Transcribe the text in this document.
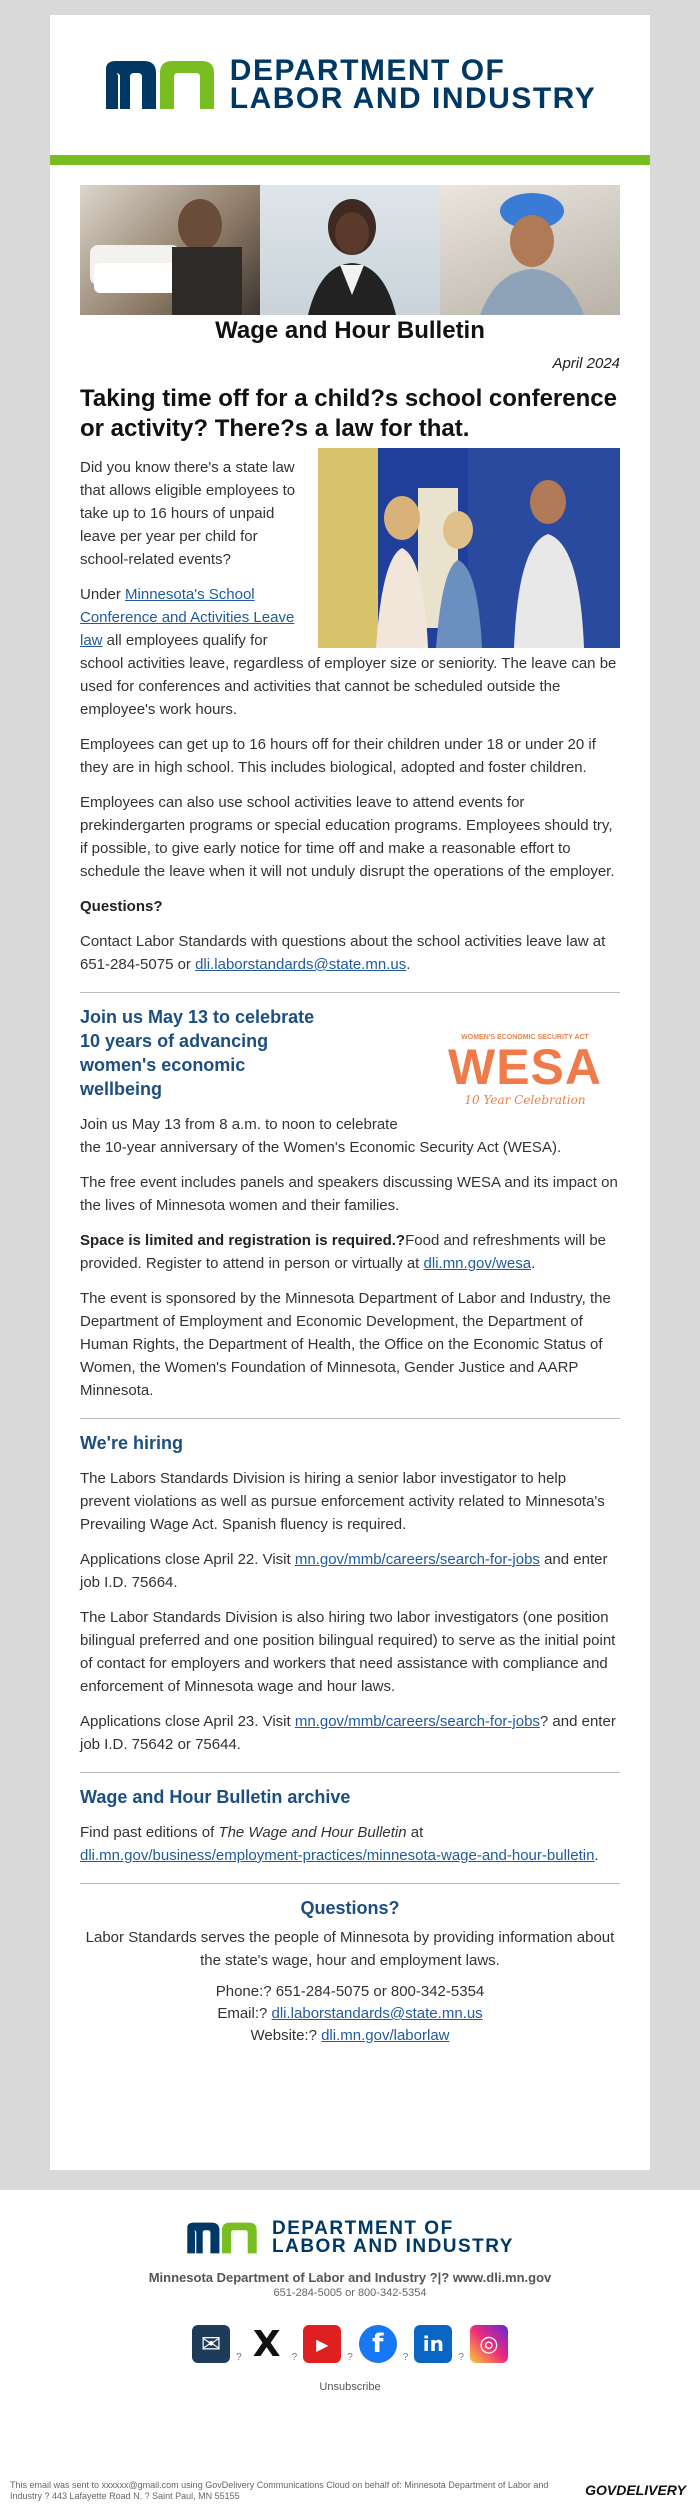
DEPARTMENT OF
LABOR AND INDUSTRY
Wage and Hour Bulletin
April 2024
Taking time off for a child?s school conference or activity? There?s a law for that.

Did you know there's a state law that allows eligible employees to take up to 16 hours of unpaid leave per year per child for school-related events?

Under Minnesota's School Conference and Activities Leave law all employees qualify for school activities leave, regardless of employer size or seniority. The leave can be used for conferences and activities that cannot be scheduled outside the employee's work hours.

Employees can get up to 16 hours off for their children under 18 or under 20 if they are in high school. This includes biological, adopted and foster children.

Employees can also use school activities leave to attend events for prekindergarten programs or special education programs. Employees should try, if possible, to give early notice for time off and make a reasonable effort to schedule the leave when it will not unduly disrupt the operations of the employer.

Questions?

Contact Labor Standards with questions about the school activities leave law at 651-284-5075 or dli.laborstandards@state.mn.us.

WOMEN'S ECONOMIC SECURITY ACT
WESA
10 Year Celebration
Join us May 13 to celebrate 10 years of advancing women's economic wellbeing

Join us May 13 from 8 a.m. to noon to celebrate the 10-year anniversary of the Women's Economic Security Act (WESA).

The free event includes panels and speakers discussing WESA and its impact on the lives of Minnesota women and their families.

Space is limited and registration is required.?Food and refreshments will be provided. Register to attend in person or virtually at dli.mn.gov/wesa.

The event is sponsored by the Minnesota Department of Labor and Industry, the Department of Employment and Economic Development, the Department of Human Rights, the Department of Health, the Office on the Economic Status of Women, the Women's Foundation of Minnesota, Gender Justice and AARP Minnesota.

We're hiring

The Labors Standards Division is hiring a senior labor investigator to help prevent violations as well as pursue enforcement activity related to Minnesota's Prevailing Wage Act. Spanish fluency is required.

Applications close April 22. Visit mn.gov/mmb/careers/search-for-jobs and enter job I.D. 75664.

The Labor Standards Division is also hiring two labor investigators (one position bilingual preferred and one position bilingual required) to serve as the initial point of contact for employers and workers that need assistance with compliance and enforcement of Minnesota wage and hour laws.

Applications close April 23. Visit mn.gov/mmb/careers/search-for-jobs? and enter job I.D. 75642 or 75644.

Wage and Hour Bulletin archive

Find past editions of The Wage and Hour Bulletin at dli.mn.gov/business/employment-practices/minnesota-wage-and-hour-bulletin.

Questions?

Labor Standards serves the people of Minnesota by providing information about the state's wage, hour and employment laws.

Phone:? 651-284-5075 or 800-342-5354

Email:? dli.laborstandards@state.mn.us

Website:? dli.mn.gov/laborlaw

DEPARTMENT OF
LABOR AND INDUSTRY
Minnesota Department of Labor and Industry ?|? www.dli.mn.gov
651-284-5005 or 800-342-5354
✉ ? X ?
▶
? f ?
in
?
◎
Unsubscribe
This email was sent to xxxxxx@gmail.com using GovDelivery Communications Cloud on behalf of: Minnesota Department of Labor and Industry ? 443 Lafayette Road N. ? Saint Paul, MN 55155	GOVDELIVERY
